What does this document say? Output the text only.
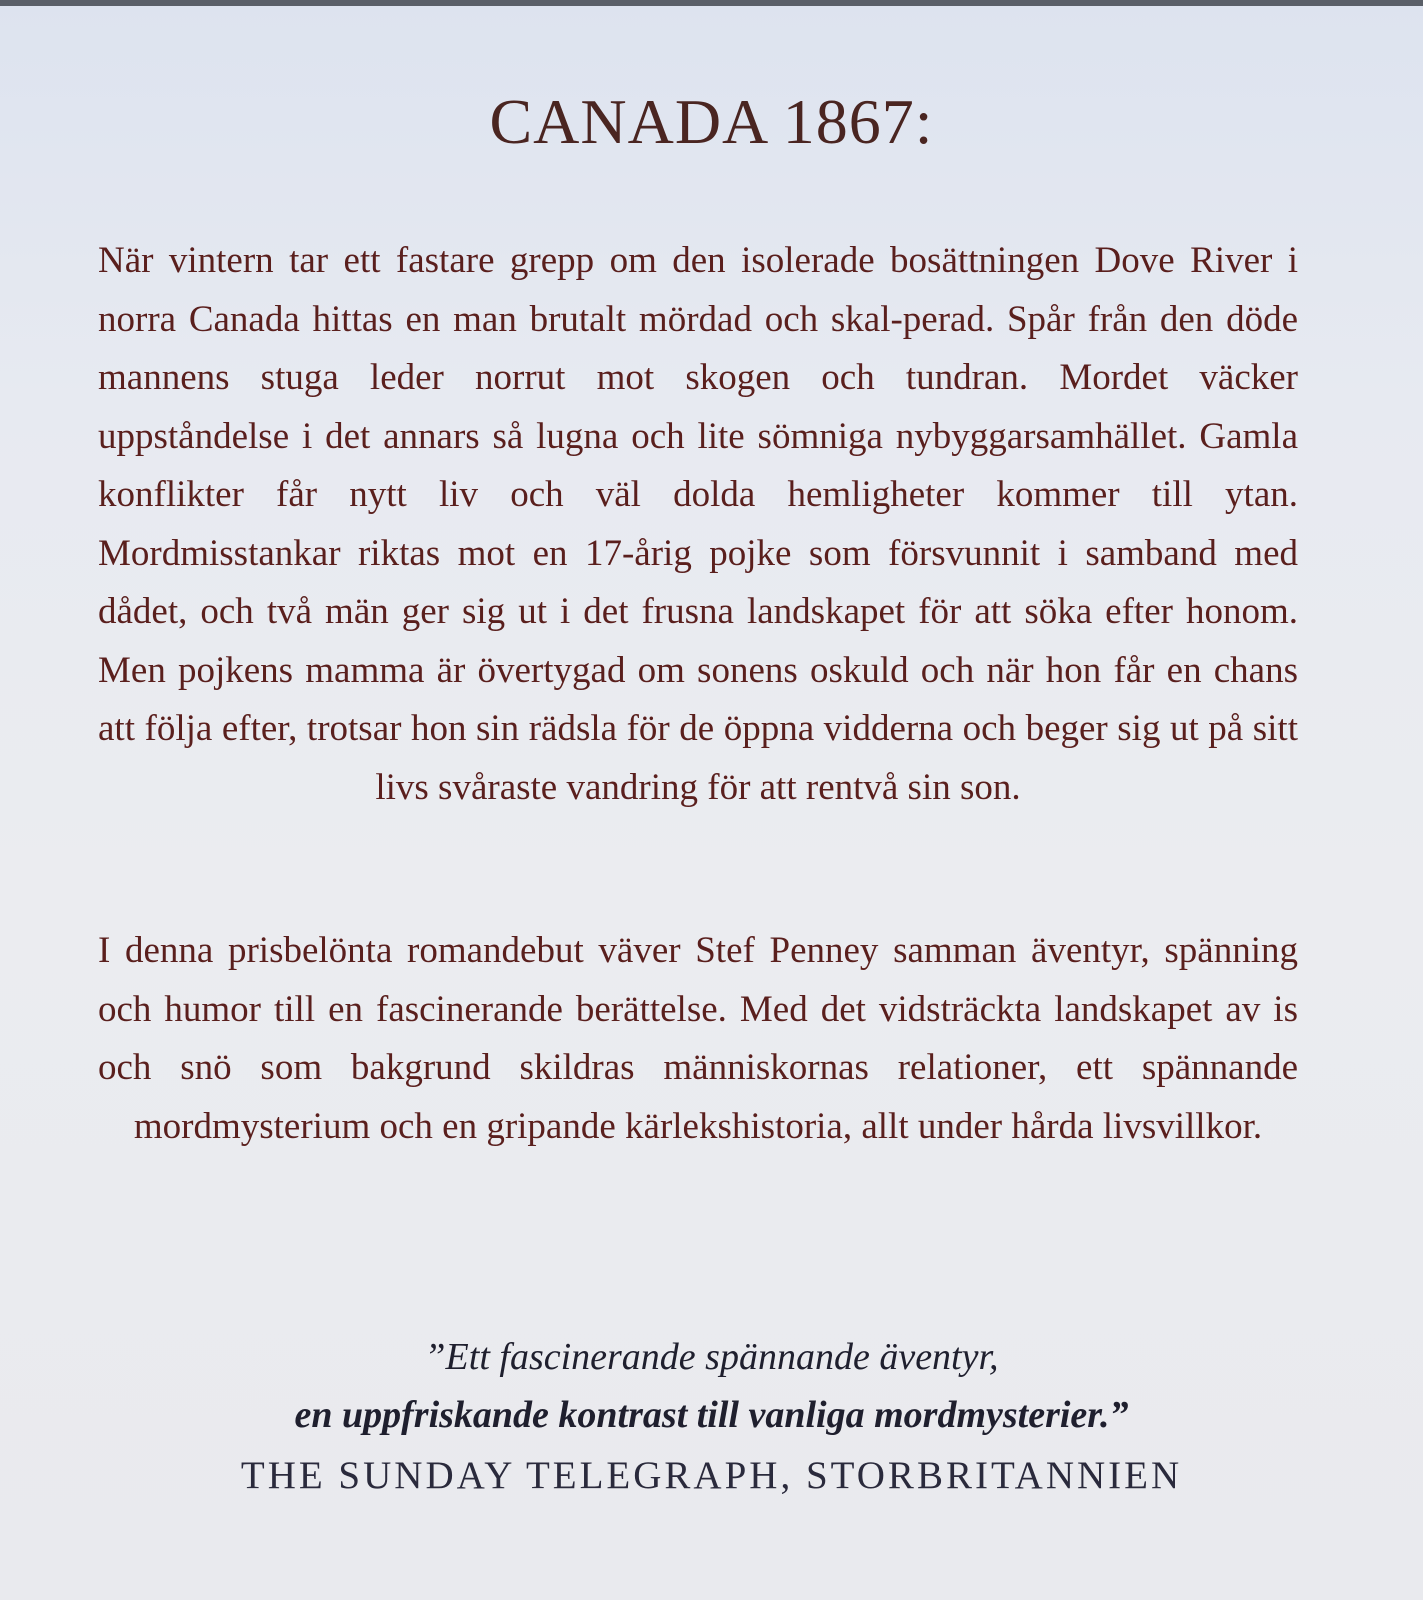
CANADA 1867:

När vintern tar ett fastare grepp om den isolerade bosättningen Dove River i norra Canada hittas en man brutalt mördad och skal-perad. Spår från den döde mannens stuga leder norrut mot skogen och tundran. Mordet väcker uppståndelse i det annars så lugna och lite sömniga nybyggarsamhället. Gamla konflikter får nytt liv och väl dolda hemligheter kommer till ytan. Mordmisstankar riktas mot en 17-årig pojke som försvunnit i samband med dådet, och två män ger sig ut i det frusna landskapet för att söka efter honom. Men pojkens mamma är övertygad om sonens oskuld och när hon får en chans att följa efter, trotsar hon sin rädsla för de öppna vidderna och beger sig ut på sitt livs svåraste vandring för att rentvå sin son.

I denna prisbelönta romandebut väver Stef Penney samman äventyr, spänning och humor till en fascinerande berättelse. Med det vidsträckta landskapet av is och snö som bakgrund skildras människornas relationer, ett spännande mordmysterium och en gripande kärlekshistoria, allt under hårda livsvillkor.

”Ett fascinerande spännande äventyr,
en uppfriskande kontrast till vanliga mordmysterier.”
THE SUNDAY TELEGRAPH, STORBRITANNIEN
